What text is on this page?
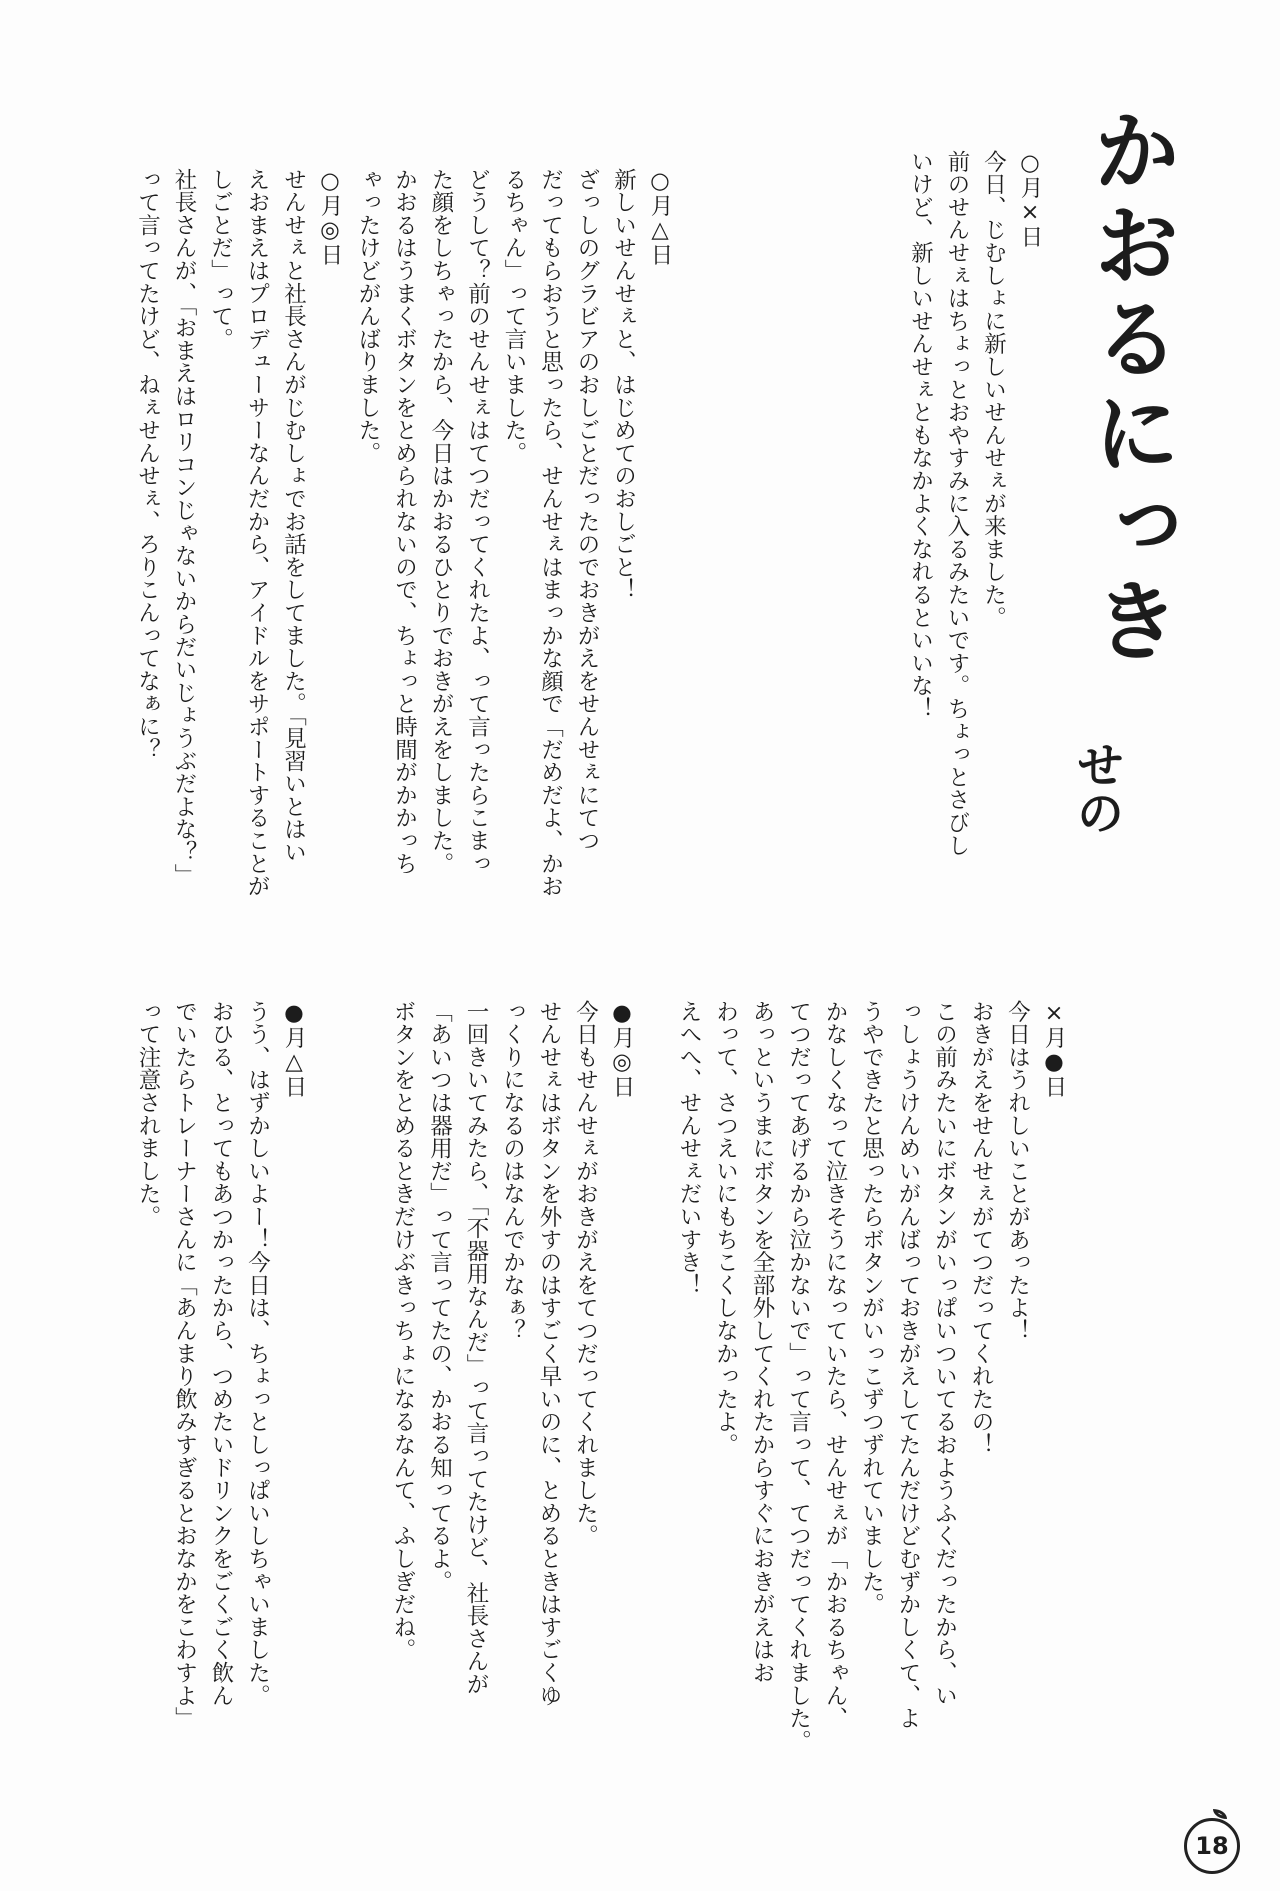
かおるにっき
せの
○月×日
今日、じむしょに新しいせんせぇが来ました。
前のせんせぇはちょっとおやすみに入るみたいです。ちょっとさびし
いけど、新しいせんせぇともなかよくなれるといいな！
○月△日
新しいせんせぇと、はじめてのおしごと！
ざっしのグラビアのおしごとだったのでおきがえをせんせぇにてつ
だってもらおうと思ったら、せんせぇはまっかな顔で「だめだよ、かお
るちゃん」って言いました。
どうして？前のせんせぇはてつだってくれたよ、って言ったらこまっ
た顔をしちゃったから、今日はかおるひとりでおきがえをしました。
かおるはうまくボタンをとめられないので、ちょっと時間がかかっち
ゃったけどがんばりました。
○月◎日
せんせぇと社長さんがじむしょでお話をしてました。「見習いとはい
えおまえはプロデューサーなんだから、アイドルをサポートすることが
しごとだ」って。
社長さんが、「おまえはロリコンじゃないからだいじょうぶだよな？」
って言ってたけど、ねぇせんせぇ、ろりこんってなぁに？
×月●日
今日はうれしいことがあったよ！
おきがえをせんせぇがてつだってくれたの！
この前みたいにボタンがいっぱいついてるおようふくだったから、い
っしょうけんめいがんばっておきがえしてたんだけどむずかしくて、よ
うやできたと思ったらボタンがいっこずつずれていました。
かなしくなって泣きそうになっていたら、せんせぇが「かおるちゃん、
てつだってあげるから泣かないで」って言って、てつだってくれました。
あっというまにボタンを全部外してくれたからすぐにおきがえはお
わって、さつえいにもちこくしなかったよ。
えへへ、せんせぇだいすき！
●月◎日
今日もせんせぇがおきがえをてつだってくれました。
せんせぇはボタンを外すのはすごく早いのに、とめるときはすごくゆ
っくりになるのはなんでかなぁ？
一回きいてみたら、「不器用なんだ」って言ってたけど、社長さんが
「あいつは器用だ」って言ってたの、かおる知ってるよ。
ボタンをとめるときだけぶきっちょになるなんて、ふしぎだね。
●月△日
うう、はずかしいよー！今日は、ちょっとしっぱいしちゃいました。
おひる、とってもあつかったから、つめたいドリンクをごくごく飲ん
でいたらトレーナーさんに「あんまり飲みすぎるとおなかをこわすよ」
って注意されました。
18
